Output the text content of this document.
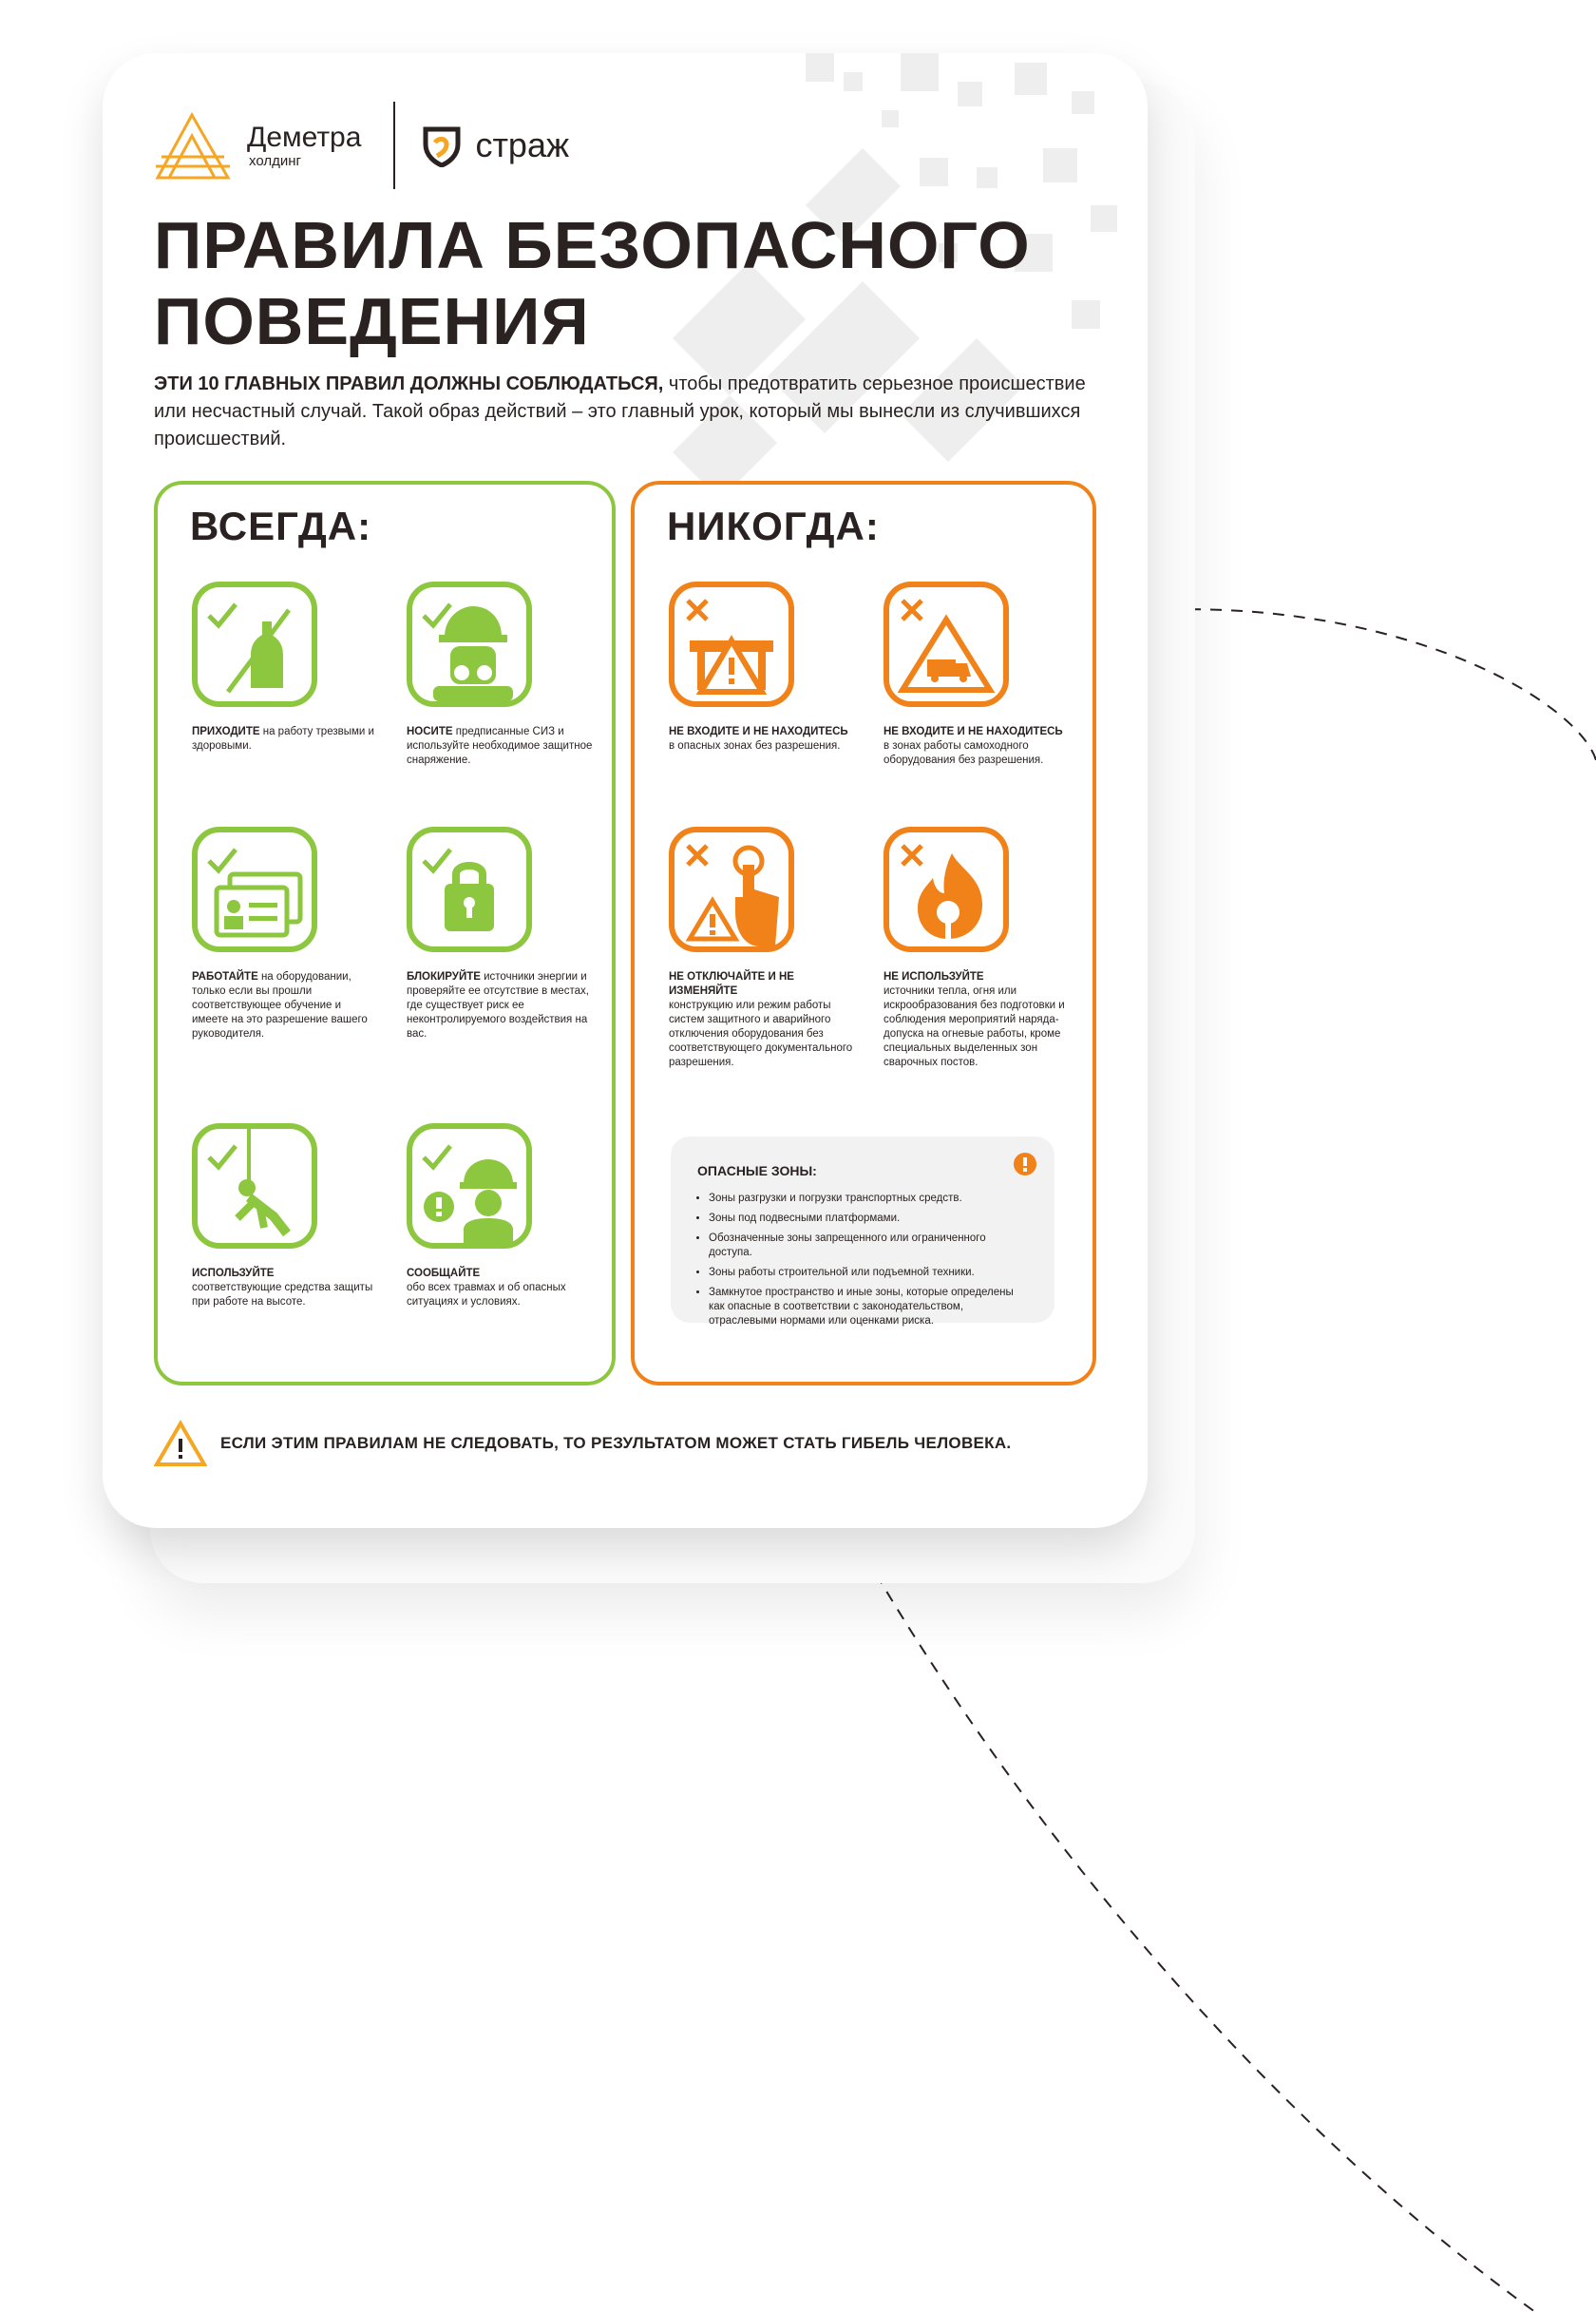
Деметра
холдинг	страж
ПРАВИЛА БЕЗОПАСНОГО
ПОВЕДЕНИЯ

ЭТИ 10 ГЛАВНЫХ ПРАВИЛ ДОЛЖНЫ СОБЛЮДАТЬСЯ, чтобы предотвратить серьезное происшествие или несчастный случай. Такой образ действий – это главный урок, который мы вынесли из случившихся происшествий.

ВСЕГДА:
ПРИХОДИТЕ на работу трезвыми и здоровыми.
НОСИТЕ предписанные СИЗ и используйте необходимое защитное снаряжение.
РАБОТАЙТЕ на оборудовании, только если вы прошли соответствующее обучение и имеете на это разрешение вашего руководителя.
БЛОКИРУЙТЕ источники энергии и проверяйте ее отсутствие в местах, где существует риск ее неконтролируемого воздействия на вас.
ИСПОЛЬЗУЙТЕ
соответствующие средства защиты при работе на высоте.
СООБЩАЙТЕ
обо всех травмах и об опасных ситуациях и условиях.
НИКОГДА:
НЕ ВХОДИТЕ И НЕ НАХОДИТЕСЬ
в опасных зонах без разрешения.
НЕ ВХОДИТЕ И НЕ НАХОДИТЕСЬ
в зонах работы самоходного оборудования без разрешения.
НЕ ОТКЛЮЧАЙТЕ И НЕ ИЗМЕНЯЙТЕ
конструкцию или режим работы систем защитного и аварийного отключения оборудования без соответствующего документального разрешения.
НЕ ИСПОЛЬЗУЙТЕ
источники тепла, огня или искрообразования без подготовки и соблюдения мероприятий наряда-допуска на огневые работы, кроме специальных выделенных зон сварочных постов.
ОПАСНЫЕ ЗОНЫ:
• Зоны разгрузки и погрузки транспортных средств.
• Зоны под подвесными платформами.
• Обозначенные зоны запрещенного или ограниченного доступа.
• Зоны работы строительной или подъемной техники.
• Замкнутое пространство и иные зоны, которые определены как опасные в соответствии с законодательством, отраслевыми нормами или оценками риска.
ЕСЛИ ЭТИМ ПРАВИЛАМ НЕ СЛЕДОВАТЬ, ТО РЕЗУЛЬТАТОМ МОЖЕТ СТАТЬ ГИБЕЛЬ ЧЕЛОВЕКА.
